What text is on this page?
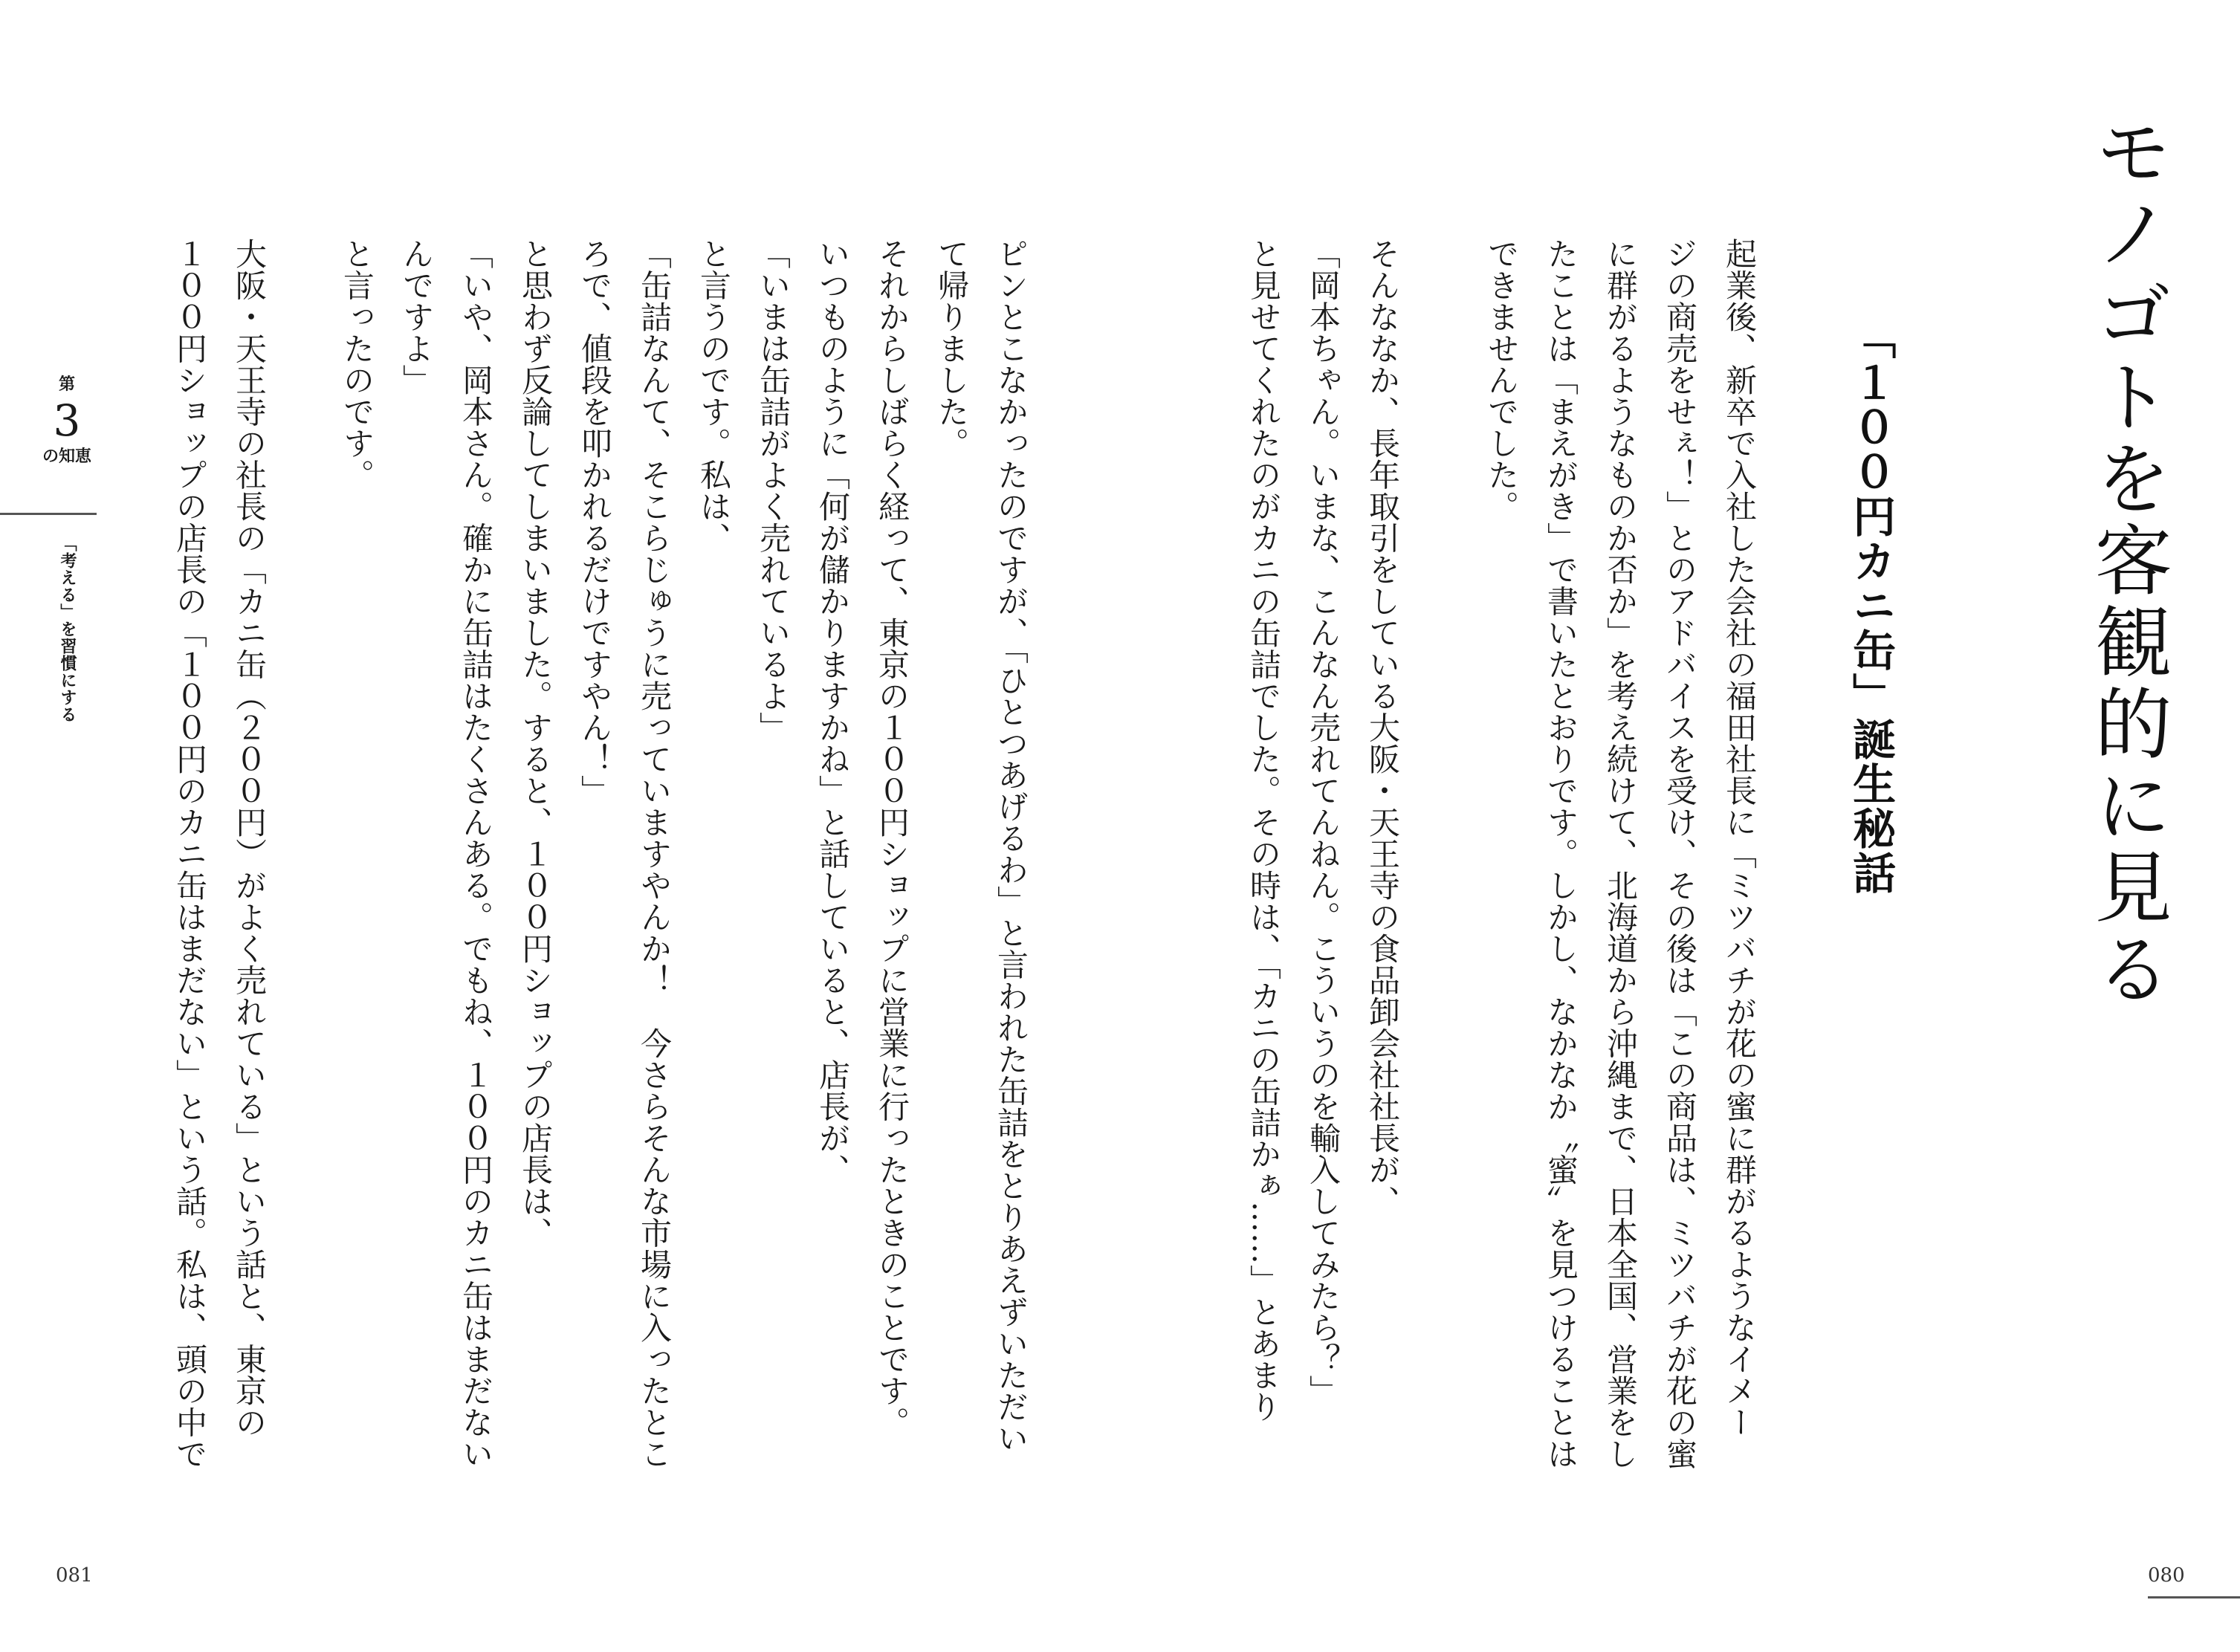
モノゴトを客観的に見る
「１００円カニ缶」誕生秘話

起業後、新卒で入社した会社の福田社長に「ミツバチが花の蜜に群がるようなイメー

ジの商売をせぇ！」とのアドバイスを受け、その後は「この商品は、ミツバチが花の蜜

に群がるようなものか否か」を考え続けて、北海道から沖縄まで、日本全国、営業をし

たことは「まえがき」で書いたとおりです。しかし、なかなか〝蜜〟を見つけることは

できませんでした。

そんななか、長年取引をしている大阪・天王寺の食品卸会社社長が、

「岡本ちゃん。いまな、こんなん売れてんねん。こういうのを輸入してみたら？」

と見せてくれたのがカニの缶詰でした。その時は、「カニの缶詰かぁ……」とあまり

ピンとこなかったのですが、「ひとつあげるわ」と言われた缶詰をとりあえずいただい

て帰りました。

それからしばらく経って、東京の１００円ショップに営業に行ったときのことです。

いつものように「何が儲かりますかね」と話していると、店長が、

「いまは缶詰がよく売れているよ」

と言うのです。私は、

「缶詰なんて、そこらじゅうに売っていますやんか！　今さらそんな市場に入ったとこ

ろで、値段を叩かれるだけですやん！」

と思わず反論してしまいました。すると、１００円ショップの店長は、

「いや、岡本さん。確かに缶詰はたくさんある。でもね、１００円のカニ缶はまだない

んですよ」

と言ったのです。

大阪・天王寺の社長の「カニ缶（２００円）がよく売れている」という話と、東京の

１００円ショップの店長の「１００円のカニ缶はまだない」という話。私は、頭の中で

第
3
の知恵
「考える」を習慣にする
081	080
